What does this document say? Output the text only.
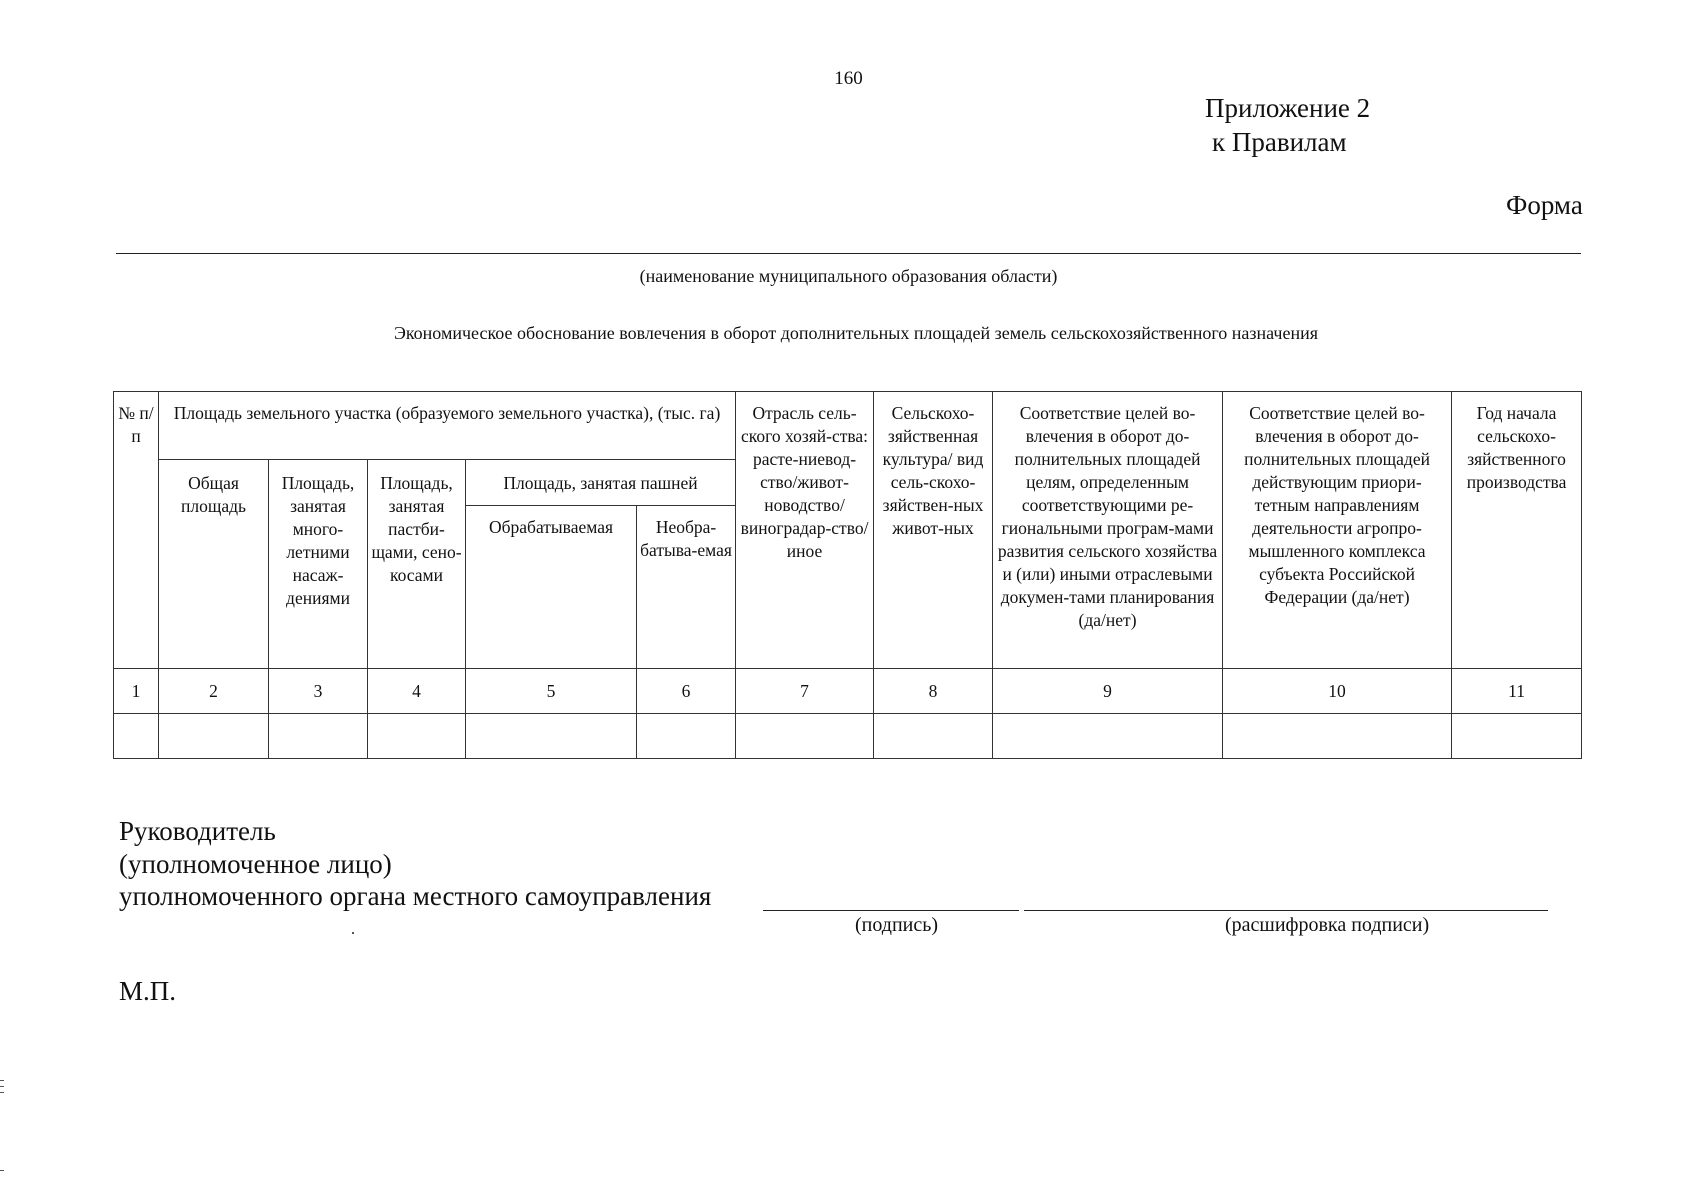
160
Приложение 2
к Правилам
Форма
(наименование муниципального образования области)
Экономическое обоснование вовлечения в оборот дополнительных площадей земель сельскохозяйственного назначения
№ п/п	Площадь земельного участка (образуемого земельного участка), (тыс. га)					Отрасль сель-ского хозяй-ства: расте-ниевод-ство/живот-новодство/ виноградар-ство/иное	Сельскохо-зяйственная культура/ вид сель-скохо-зяйствен-ных живот-ных	Соответствие целей во-влечения в оборот до-полнительных площадей целям, определенным соответствующими ре-гиональными програм-мами развития сельского хозяйства и (или) иными отраслевыми докумен-тами планирования (да/нет)	Соответствие целей во-влечения в оборот до-полнительных площадей действующим приори-тетным направлениям деятельности агропро-мышленного комплекса субъекта Российской Федерации (да/нет)	Год начала сельскохо-зяйственного производства
	Общая площадь	Площадь, занятая много-летними насаж-дениями	Площадь, занятая пастби-щами, сено-косами	Площадь, занятая пашней						
				Обрабатываемая	Необра-батыва-емая					
1	2	3	4	5	6	7	8	9	10	11

Руководитель
(уполномоченное лицо)
уполномоченного органа местного самоуправления
(подпись)	(расшифровка подписи)
М.П.
